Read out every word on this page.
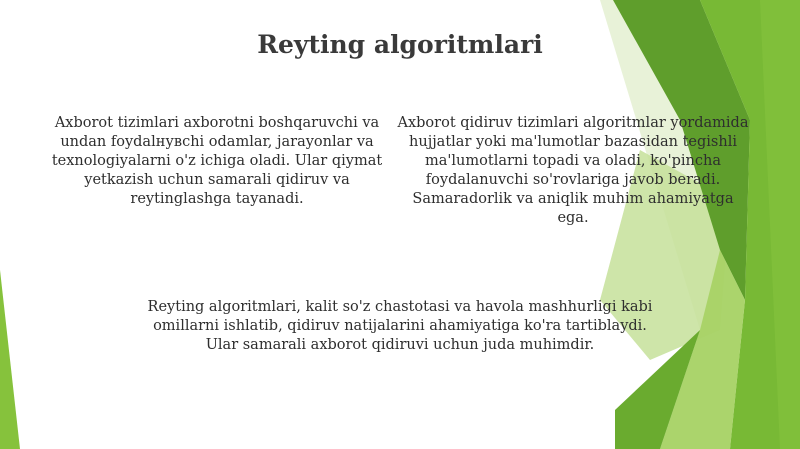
Reyting algoritmlari
Axborot tizimlari axborotni boshqaruvchi va undan foydalнувchi odamlar, jarayonlar va texnologiyalarni o'z ichiga oladi. Ular qiymat yetkazish uchun samarali qidiruv va reytinglashga tayanadi.
Axborot qidiruv tizimlari algoritmlar yordamida hujjatlar yoki ma'lumotlar bazasidan tegishli ma'lumotlarni topadi va oladi, ko'pincha foydalanuvchi so'rovlariga javob beradi. Samaradorlik va aniqlik muhim ahamiyatga ega.
Reyting algoritmlari, kalit so'z chastotasi va havola mashhurligi kabi omillarni ishlatib, qidiruv natijalarini ahamiyatiga ko'ra tartiblaydi. Ular samarali axborot qidiruvi uchun juda muhimdir.
